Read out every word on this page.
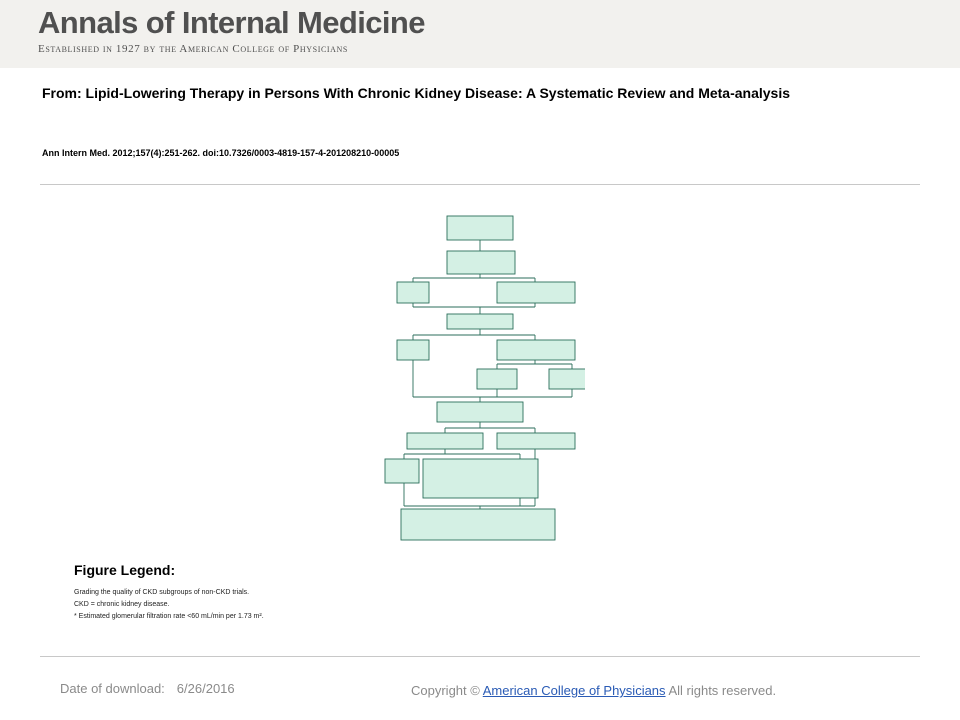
Annals of Internal Medicine
Established in 1927 by the American College of Physicians
From: Lipid-Lowering Therapy in Persons With Chronic Kidney Disease: A Systematic Review and Meta-analysis
Ann Intern Med. 2012;157(4):251-262. doi:10.7326/0003-4819-157-4-201208210-00005
Figure Legend:
Grading the quality of CKD subgroups of non-CKD trials.
CKD = chronic kidney disease.
* Estimated glomerular filtration rate <60 mL/min per 1.73 m².
Date of download: 6/26/2016	Copyright © American College of Physicians All rights reserved.
